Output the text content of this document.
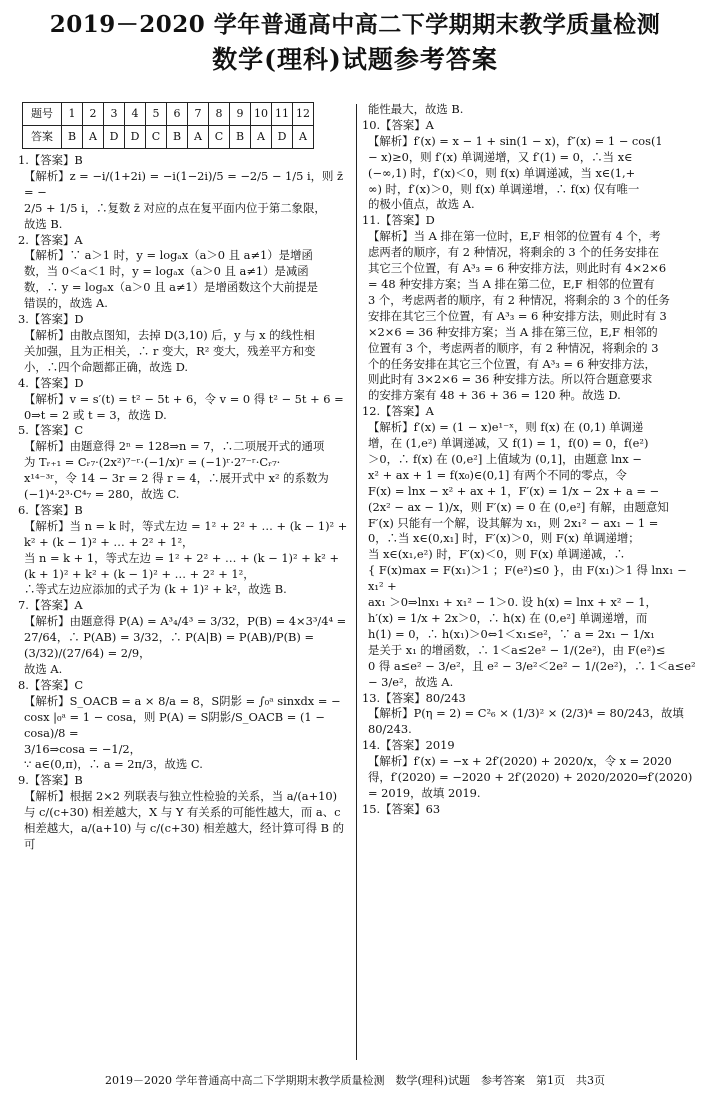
2019－2020 学年普通高中高二下学期期末教学质量检测
数学(理科)试题参考答案
题号	1	2	3	4	5	6	7	8	9	10	11	12
答案	B	A	D	D	C	B	A	C	B	A	D	A

1.【答案】B

【解析】z = −i/(1+2i) = −i(1−2i)/5 = −2/5 − 1/5 i，则 z̄ = −

2/5 + 1/5 i，∴复数 z̄ 对应的点在复平面内位于第二象限，

故选 B.

2.【答案】A

【解析】∵ a＞1 时，y = logₐx（a＞0 且 a≠1）是增函

数，当 0＜a＜1 时，y = logₐx（a＞0 且 a≠1）是减函

数，∴ y = logₐx（a＞0 且 a≠1）是增函数这个大前提是

错误的，故选 A.

3.【答案】D

【解析】由散点图知，去掉 D(3,10) 后，y 与 x 的线性相

关加强，且为正相关，∴ r 变大，R² 变大，残差平方和变

小，∴四个命题都正确，故选 D.

4.【答案】D

【解析】v = s′(t) = t² − 5t + 6，令 v = 0 得 t² − 5t + 6 =

0⇒t = 2 或 t = 3，故选 D.

5.【答案】C

【解析】由题意得 2ⁿ = 128⇒n = 7，∴二项展开式的通项

为 Tᵣ₊₁ = Cᵣ₇·(2x²)⁷⁻ʳ·(−1/x)ʳ = (−1)ʳ·2⁷⁻ʳ·Cᵣ₇·

x¹⁴⁻³ʳ，令 14 − 3r = 2 得 r = 4，∴展开式中 x² 的系数为

(−1)⁴·2³·C⁴₇ = 280，故选 C.

6.【答案】B

【解析】当 n = k 时，等式左边 = 1² + 2² + … + (k − 1)² +

k² + (k − 1)² + … + 2² + 1²，

当 n = k + 1，等式左边 = 1² + 2² + … + (k − 1)² + k² +

(k + 1)² + k² + (k − 1)² + … + 2² + 1²，

∴等式左边应添加的式子为 (k + 1)² + k²，故选 B.

7.【答案】A

【解析】由题意得 P(A) = A³₄/4³ = 3/32，P(B) = 4×3³/4⁴ =

27/64，∴ P(AB) = 3/32，∴ P(A|B) = P(AB)/P(B) = (3/32)/(27/64) = 2/9，

故选 A.

8.【答案】C

【解析】S_OACB = a × 8/a = 8，S阴影 = ∫₀ᵃ sinxdx = −

cosx |₀ᵃ = 1 − cosa，则 P(A) = S阴影/S_OACB = (1 − cosa)/8 =

3/16⇒cosa = −1/2，

∵ a∈(0,π)，∴ a = 2π/3，故选 C.

9.【答案】B

【解析】根据 2×2 列联表与独立性检验的关系，当 a/(a+10)

与 c/(c+30) 相差越大，X 与 Y 有关系的可能性越大，而 a、c

相差越大，a/(a+10) 与 c/(c+30) 相差越大，经计算可得 B 的可

能性最大，故选 B.

10.【答案】A

【解析】f′(x) = x − 1 + sin(1 − x)，f″(x) = 1 − cos(1

− x)≥0，则 f′(x) 单调递增，又 f′(1) = 0，∴当 x∈

(−∞,1) 时，f′(x)＜0，则 f(x) 单调递减，当 x∈(1,+

∞) 时，f′(x)＞0，则 f(x) 单调递增，∴ f(x) 仅有唯一

的极小值点，故选 A.

11.【答案】D

【解析】当 A 排在第一位时，E,F 相邻的位置有 4 个，考

虑两者的顺序，有 2 种情况，将剩余的 3 个的任务安排在

其它三个位置，有 A³₃ = 6 种安排方法，则此时有 4×2×6

= 48 种安排方案；当 A 排在第二位，E,F 相邻的位置有

3 个，考虑两者的顺序，有 2 种情况，将剩余的 3 个的任务

安排在其它三个位置，有 A³₃ = 6 种安排方法，则此时有 3

×2×6 = 36 种安排方案；当 A 排在第三位，E,F 相邻的

位置有 3 个，考虑两者的顺序，有 2 种情况，将剩余的 3

个的任务安排在其它三个位置，有 A³₃ = 6 种安排方法，

则此时有 3×2×6 = 36 种安排方法。所以符合题意要求

的安排方案有 48 + 36 + 36 = 120 种。故选 D.

12.【答案】A

【解析】f′(x) = (1 − x)e¹⁻ˣ，则 f(x) 在 (0,1) 单调递

增，在 (1,e²) 单调递减，又 f(1) = 1，f(0) = 0，f(e²)

＞0，∴ f(x) 在 (0,e²] 上值域为 (0,1]，由题意 lnx −

x² + ax + 1 = f(x₀)∈(0,1] 有两个不同的零点，令

F(x) = lnx − x² + ax + 1，F′(x) = 1/x − 2x + a = −

(2x² − ax − 1)/x，则 F′(x) = 0 在 (0,e²] 有解，由题意知

F′(x) 只能有一个解，设其解为 x₁，则 2x₁² − ax₁ − 1 =

0，∴当 x∈(0,x₁] 时，F′(x)＞0，则 F(x) 单调递增；

当 x∈(x₁,e²) 时，F′(x)＜0，则 F(x) 单调递减，∴

{ F(x)max = F(x₁)＞1 ；F(e²)≤0 }，由 F(x₁)＞1 得 lnx₁ − x₁² +

ax₁ ＞0⇒lnx₁ + x₁² − 1＞0. 设 h(x) = lnx + x² − 1，

h′(x) = 1/x + 2x＞0，∴ h(x) 在 (0,e²] 单调递增，而

h(1) = 0，∴ h(x₁)＞0⇔1＜x₁≤e²，∵ a = 2x₁ − 1/x₁

是关于 x₁ 的增函数，∴ 1＜a≤2e² − 1/(2e²)，由 F(e²)≤

0 得 a≤e² − 3/e²，且 e² − 3/e²＜2e² − 1/(2e²)，∴ 1＜a≤e²

− 3/e²，故选 A.

13.【答案】80/243

【解析】P(η = 2) = C²₆ × (1/3)² × (2/3)⁴ = 80/243，故填 80/243.

14.【答案】2019

【解析】f′(x) = −x + 2f′(2020) + 2020/x，令 x = 2020

得，f′(2020) = −2020 + 2f′(2020) + 2020/2020⇒f′(2020)

= 2019，故填 2019.

15.【答案】63

2019－2020 学年普通高中高二下学期期末教学质量检测　数学(理科)试题　参考答案　第1页　共3页
